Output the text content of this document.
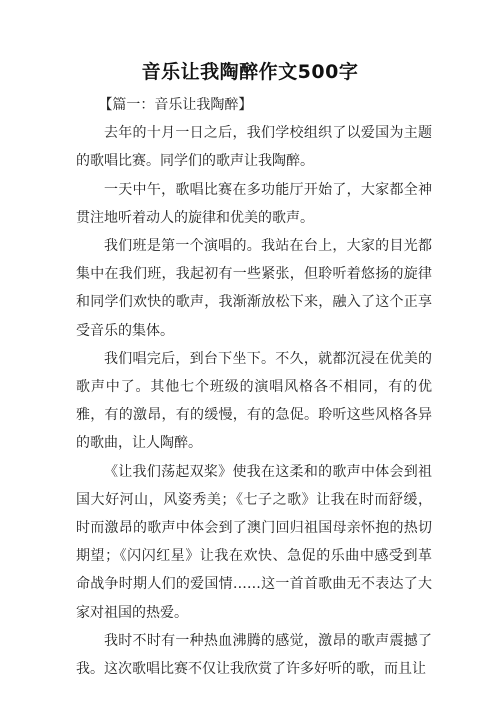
音乐让我陶醉作文500字

【篇一：音乐让我陶醉】

去年的十月一日之后，我们学校组织了以爱国为主题的歌唱比赛。同学们的歌声让我陶醉。

一天中午，歌唱比赛在多功能厅开始了，大家都全神贯注地听着动人的旋律和优美的歌声。

我们班是第一个演唱的。我站在台上，大家的目光都集中在我们班，我起初有一些紧张，但聆听着悠扬的旋律和同学们欢快的歌声，我渐渐放松下来，融入了这个正享受音乐的集体。

我们唱完后，到台下坐下。不久，就都沉浸在优美的歌声中了。其他七个班级的演唱风格各不相同，有的优雅，有的激昂，有的缓慢，有的急促。聆听这些风格各异的歌曲，让人陶醉。

《让我们荡起双桨》使我在这柔和的歌声中体会到祖国大好河山，风姿秀美；《七子之歌》让我在时而舒缓，时而激昂的歌声中体会到了澳门回归祖国母亲怀抱的热切期望；《闪闪红星》让我在欢快、急促的乐曲中感受到革命战争时期人们的爱国情……这一首首歌曲无不表达了大家对祖国的热爱。

我时不时有一种热血沸腾的感觉，激昂的歌声震撼了我。这次歌唱比赛不仅让我欣赏了许多好听的歌，而且让
